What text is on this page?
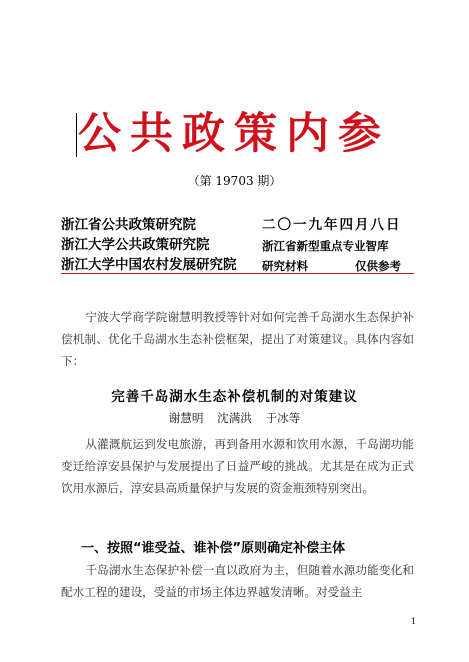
公共政策内参
（第 19703 期）
浙江省公共政策研究院
浙江大学公共政策研究院
浙江大学中国农村发展研究院
二〇一九年四月八日
浙江省新型重点专业智库
研究材料	仅供参考
宁波大学商学院谢慧明教授等针对如何完善千岛湖水生态保护补偿机制、优化千岛湖水生态补偿框架，提出了对策建议。具体内容如下：
完善千岛湖水生态补偿机制的对策建议
谢慧明 沈满洪 于冰等
从灌溉航运到发电旅游，再到备用水源和饮用水源，千岛湖功能变迁给淳安县保护与发展提出了日益严峻的挑战。尤其是在成为正式饮用水源后，淳安县高质量保护与发展的资金瓶颈特别突出。
一、按照“谁受益、谁补偿”原则确定补偿主体
千岛湖水生态保护补偿一直以政府为主，但随着水源功能变化和配水工程的建设，受益的市场主体边界越发清晰。对受益主
1
